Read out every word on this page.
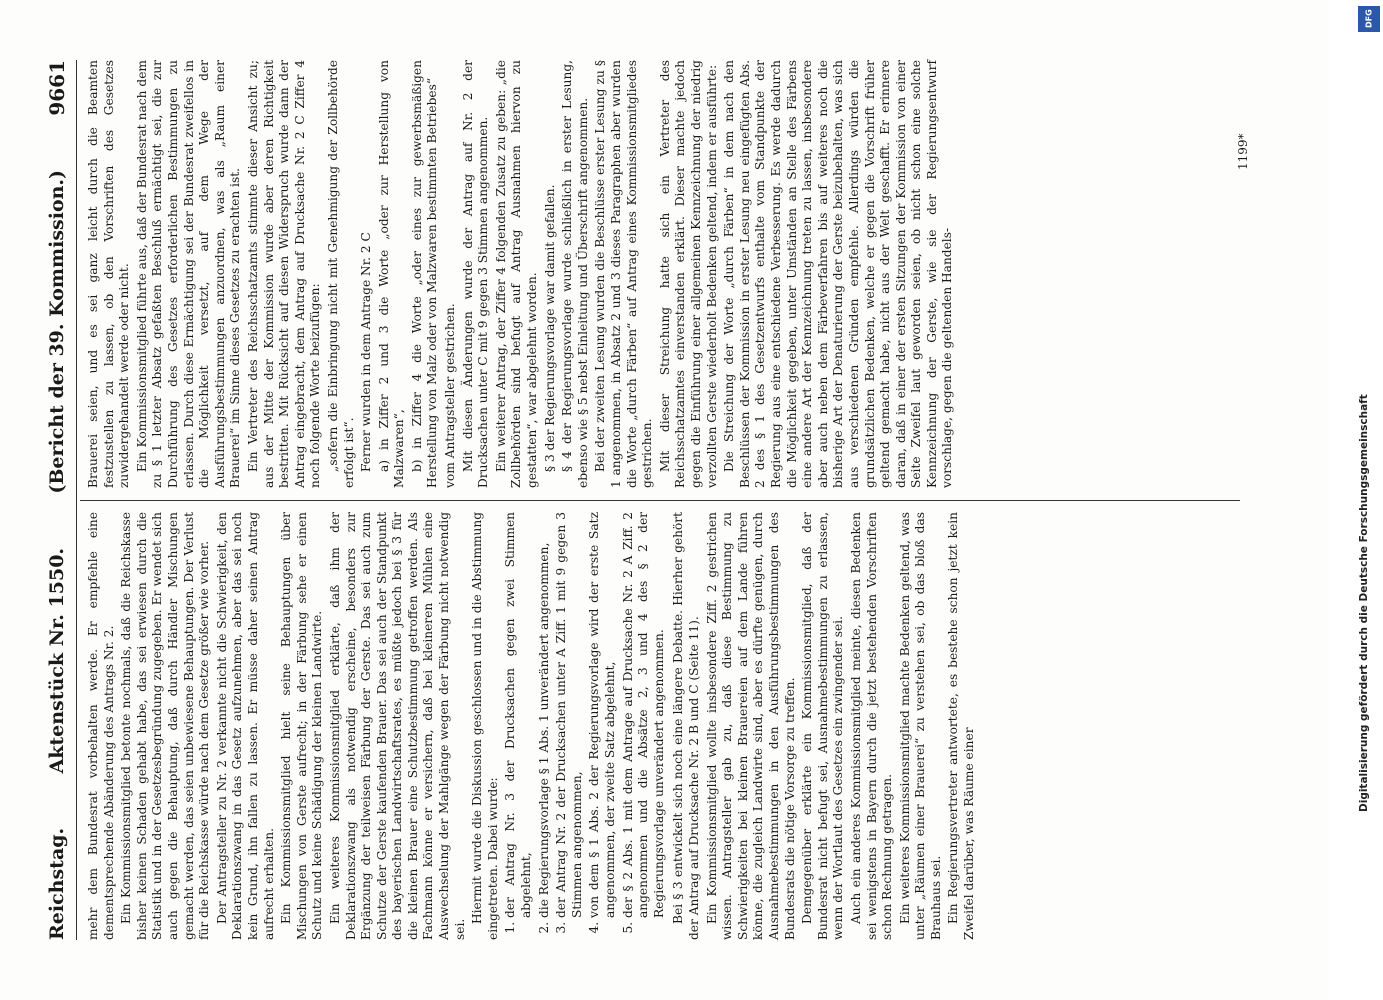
Reichstag.
Aktenstück Nr. 1550.
(Bericht der 39. Kommission.)
9661

mehr dem Bundesrat vorbehalten werde. Er empfehle eine dementsprechende Abänderung des Antrags Nr. 2. Ein Kommissionsmitglied betonte nochmals, daß die Reichskasse bisher keinen Schaden gehabt habe, das sei erwiesen durch die Statistik und in der Gesetzesbegründung zugegeben. Er wendet sich auch gegen die Behauptung, daß durch Händler Mischungen gemacht werden, das seien unbewiesene Behauptungen. Der Verlust für die Reichskasse würde nach dem Gesetze größer wie vorher. Der Antragsteller zu Nr. 2 verkannte nicht die Schwierigkeit, den Deklarationszwang in das Gesetz aufzunehmen, aber das sei noch kein Grund, ihn fallen zu lassen. Er müsse daher seinen Antrag aufrecht erhalten. Ein Kommissionsmitglied hielt seine Behauptungen über Mischungen von Gerste aufrecht; in der Färbung sehe er einen Schutz und keine Schädigung der kleinen Landwirte. Ein weiteres Kommissionsmitglied erklärte, daß ihm der Deklarationszwang als notwendig erscheine, besonders zur Ergänzung der teilweisen Färbung der Gerste. Das sei auch zum Schutze der Gerste kaufenden Brauer. Das sei auch der Standpunkt des bayerischen Landwirtschaftsrates, es müßte jedoch bei § 3 für die kleinen Brauer eine Schutzbestimmung getroffen werden. Als Fachmann könne er versichern, daß bei kleineren Mühlen eine Auswechselung der Mahlgänge wegen der Färbung nicht notwendig sei.

Hiermit wurde die Diskussion geschlossen und in die Abstimmung eingetreten. Dabei wurde: 1. der Antrag Nr. 3 der Drucksachen gegen zwei Stimmen abgelehnt, 2. die Regierungsvorlage § 1 Abs. 1 unverändert angenommen, 3. der Antrag Nr. 2 der Drucksachen unter A Ziff. 1 mit 9 gegen 3 Stimmen angenommen, 4. von dem § 1 Abs. 2 der Regierungsvorlage wird der erste Satz angenommen, der zweite Satz abgelehnt, 5. der § 2 Abs. 1 mit dem Antrage auf Drucksache Nr. 2 A Ziff. 2 angenommen und die Absätze 2, 3 und 4 des § 2 der Regierungsvorlage unverändert angenommen. Bei § 3 entwickelt sich noch eine längere Debatte. Hierher gehört der Antrag auf Drucksache Nr. 2 B und C (Seite 11). Ein Kommissionsmitglied wollte insbesondere Ziff. 2 gestrichen wissen. Antragsteller gab zu, daß diese Bestimmung zu Schwierigkeiten bei kleinen Brauereien auf dem Lande führen könne, die zugleich Landwirte sind, aber es dürfte genügen, durch Ausnahmebestimmungen in den Ausführungsbestimmungen des Bundesrats die nötige Vorsorge zu treffen. Demgegenüber erklärte ein Kommissionsmitglied, daß der Bundesrat nicht befugt sei, Ausnahmebestimmungen zu erlassen, wenn der Wortlaut des Gesetzes ein zwingender sei. Auch ein anderes Kommissionsmitglied meinte, diesen Bedenken sei wenigstens in Bayern durch die jetzt bestehenden Vorschriften schon Rechnung getragen. Ein weiteres Kommissionsmitglied machte Bedenken geltend, was unter „Räumen einer Brauerei“ zu verstehen sei, ob das bloß das Brauhaus sei. Ein Regierungsvertreter antwortete, es bestehe schon jetzt kein Zweifel darüber, was Räume einer

Brauerei seien, und es sei ganz leicht durch die Beamten festzustellen zu lassen, ob den Vorschriften des Gesetzes zuwidergehandelt werde oder nicht. Ein Kommissionsmitglied führte aus, daß der Bundesrat nach dem zu § 1 letzter Absatz gefaßten Beschluß ermächtigt sei, die zur Durchführung des Gesetzes erforderlichen Bestimmungen zu erlassen. Durch diese Ermächtigung sei der Bundesrat zweifellos in die Möglichkeit versetzt, auf dem Wege der Ausführungsbestimmungen anzuordnen, was als „Raum einer Brauerei“ im Sinne dieses Gesetzes zu erachten ist. Ein Vertreter des Reichsschatzamts stimmte dieser Ansicht zu; aus der Mitte der Kommission wurde aber deren Richtigkeit bestritten. Mit Rücksicht auf diesen Widerspruch wurde dann der Antrag eingebracht, dem Antrag auf Drucksache Nr. 2 C Ziffer 4 noch folgende Worte beizufügen: „sofern die Einbringung nicht mit Genehmigung der Zollbehörde erfolgt ist“. Ferner wurden in dem Antrage Nr. 2 C a) in Ziffer 2 und 3 die Worte „oder zur Herstellung von Malzwaren“, b) in Ziffer 4 die Worte „oder eines zur gewerbsmäßigen Herstellung von Malz oder von Malzwaren bestimmten Betriebes“ vom Antragsteller gestrichen. Mit diesen Änderungen wurde der Antrag auf Nr. 2 der Drucksachen unter C mit 9 gegen 3 Stimmen angenommen. Ein weiterer Antrag, der Ziffer 4 folgenden Zusatz zu geben: „die Zollbehörden sind befugt auf Antrag Ausnahmen hiervon zu gestatten“, war abgelehnt worden. § 3 der Regierungsvorlage war damit gefallen. § 4 der Regierungsvorlage wurde schließlich in erster Lesung, ebenso wie § 5 nebst Einleitung und Überschrift angenommen. Bei der zweiten Lesung wurden die Beschlüsse erster Lesung zu § 1 angenommen, in Absatz 2 und 3 dieses Paragraphen aber wurden die Worte „durch Färben“ auf Antrag eines Kommissionsmitgliedes gestrichen. Mit dieser Streichung hatte sich ein Vertreter des Reichsschatzamtes einverstanden erklärt. Dieser machte jedoch gegen die Einführung einer allgemeinen Kennzeichnung der niedrig verzollten Gerste wiederholt Bedenken geltend, indem er ausführte: Die Streichung der Worte „durch Färben“ in dem nach den Beschlüssen der Kommission in erster Lesung neu eingefügten Abs. 2 des § 1 des Gesetzentwurfs enthalte vom Standpunkte der Regierung aus eine entschiedene Verbesserung. Es werde dadurch die Möglichkeit gegeben, unter Umständen an Stelle des Färbens eine andere Art der Kennzeichnung treten zu lassen, insbesondere aber auch neben dem Färbeverfahren bis auf weiteres noch die bisherige Art der Denaturierung der Gerste beizubehalten, was sich aus verschiedenen Gründen empfehle. Allerdings würden die grundsätzlichen Bedenken, welche er gegen die Vorschrift früher geltend gemacht habe, nicht aus der Welt geschafft. Er erinnere daran, daß in einer der ersten Sitzungen der Kommission von einer Seite Zweifel laut geworden seien, ob nicht schon eine solche Kennzeichnung der Gerste, wie sie der Regierungsentwurf vorschlage, gegen die geltenden Handels-

1199*
DFG
Digitalisierung gefördert durch die Deutsche Forschungsgemeinschaft
